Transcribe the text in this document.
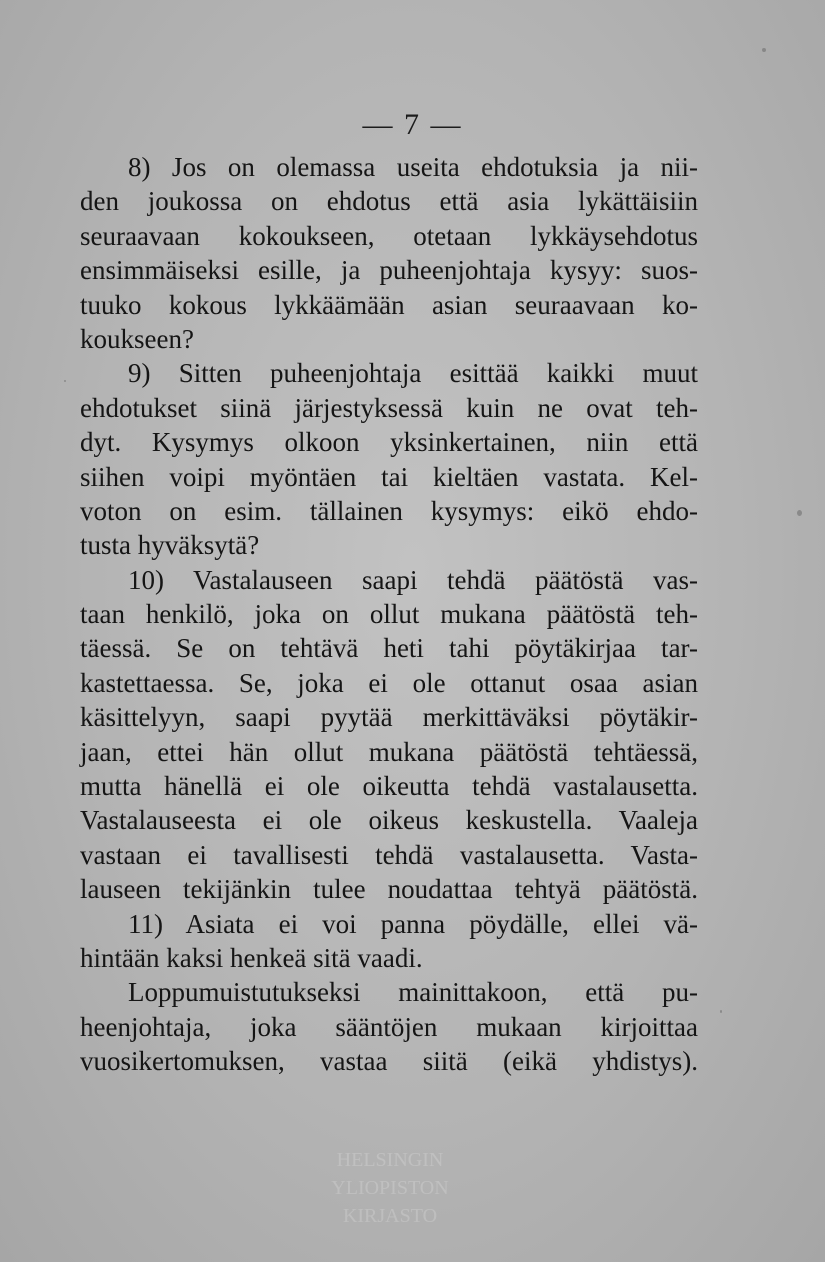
— 7 —

8) Jos on olemassa useita ehdotuksia ja nii-
den joukossa on ehdotus että asia lykättäisiin
seuraavaan kokoukseen, otetaan lykkäysehdotus
ensimmäiseksi esille, ja puheenjohtaja kysyy: suos-
tuuko kokous lykkäämään asian seuraavaan ko-
koukseen?

9) Sitten puheenjohtaja esittää kaikki muut
ehdotukset siinä järjestyksessä kuin ne ovat teh-
dyt. Kysymys olkoon yksinkertainen, niin että
siihen voipi myöntäen tai kieltäen vastata. Kel-
voton on esim. tällainen kysymys: eikö ehdo-
tusta hyväksytä?

10) Vastalauseen saapi tehdä päätöstä vas-
taan henkilö, joka on ollut mukana päätöstä teh-
täessä. Se on tehtävä heti tahi pöytäkirjaa tar-
kastettaessa. Se, joka ei ole ottanut osaa asian
käsittelyyn, saapi pyytää merkittäväksi pöytäkir-
jaan, ettei hän ollut mukana päätöstä tehtäessä,
mutta hänellä ei ole oikeutta tehdä vastalausetta.
Vastalauseesta ei ole oikeus keskustella. Vaaleja
vastaan ei tavallisesti tehdä vastalausetta. Vasta-
lauseen tekijänkin tulee noudattaa tehtyä päätöstä.

11) Asiata ei voi panna pöydälle, ellei vä-
hintään kaksi henkeä sitä vaadi.

Loppumuistutukseksi mainittakoon, että pu-
heenjohtaja, joka sääntöjen mukaan kirjoittaa
vuosikertomuksen, vastaa siitä (eikä yhdistys).

HELSINGIN
YLIOPISTON
KIRJASTO
